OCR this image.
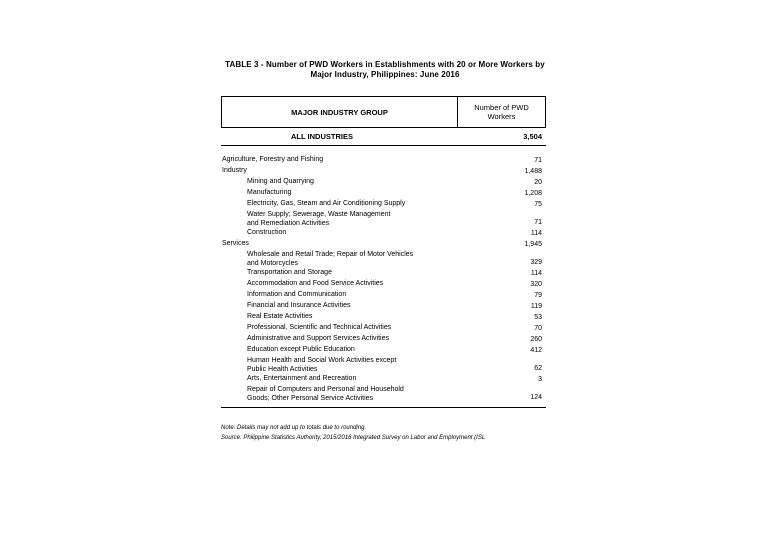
TABLE 3 - Number of PWD Workers in Establishments with 20 or More Workers by
Major Industry, Philippines: June 2016
MAJOR INDUSTRY GROUP	Number of PWD
Workers
ALL INDUSTRIES	3,504
Agriculture, Forestry and Fishing	71
Industry	1,488
Mining and Quarrying	20
Manufacturing	1,208
Electricity, Gas, Steam and Air Conditioning Supply	75
Water Supply; Sewerage, Waste Management
and Remediation Activities	71
Construction	114
Services	1,945
Wholesale and Retail Trade; Repair of Motor Vehicles
and Motorcycles	329
Transportation and Storage	114
Accommodation and Food Service Activities	320
Information and Communication	79
Financial and Insurance Activities	119
Real Estate Activities	53
Professional, Scientific and Technical Activities	70
Administrative and Support Services Activities	260
Education except Public Education	412
Human Health and Social Work Activities except
Public Health Activities	62
Arts, Entertainment and Recreation	3
Repair of Computers and Personal and Household
Goods; Other Personal Service Activities	124
Note: Details may not add up to totals due to rounding.
Source: Philippine Statistics Authority, 2015/2016 Integrated Survey on Labor and Employment (ISL
